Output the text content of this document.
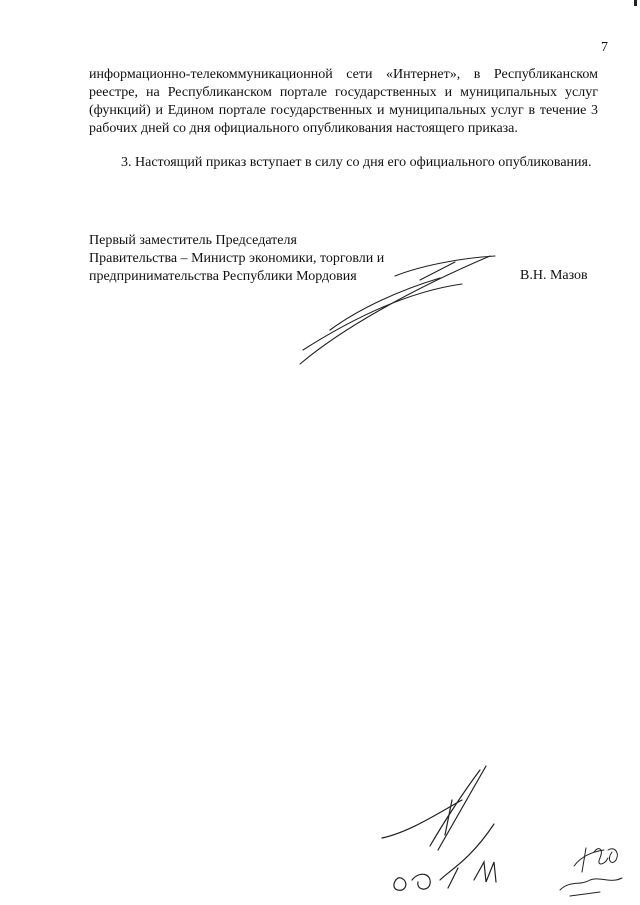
7

информационно-телекоммуникационной сети «Интернет», в Республиканском реестре, на Республиканском портале государственных и муниципальных услуг (функций) и Едином портале государственных и муниципальных услуг в течение 3 рабочих дней со дня официального опубликования настоящего приказа.

3. Настоящий приказ вступает в силу со дня его официального опубликования.

Первый заместитель Председателя
Правительства – Министр экономики, торговли и
предпринимательства Республики Мордовия	В.Н. Мазов
